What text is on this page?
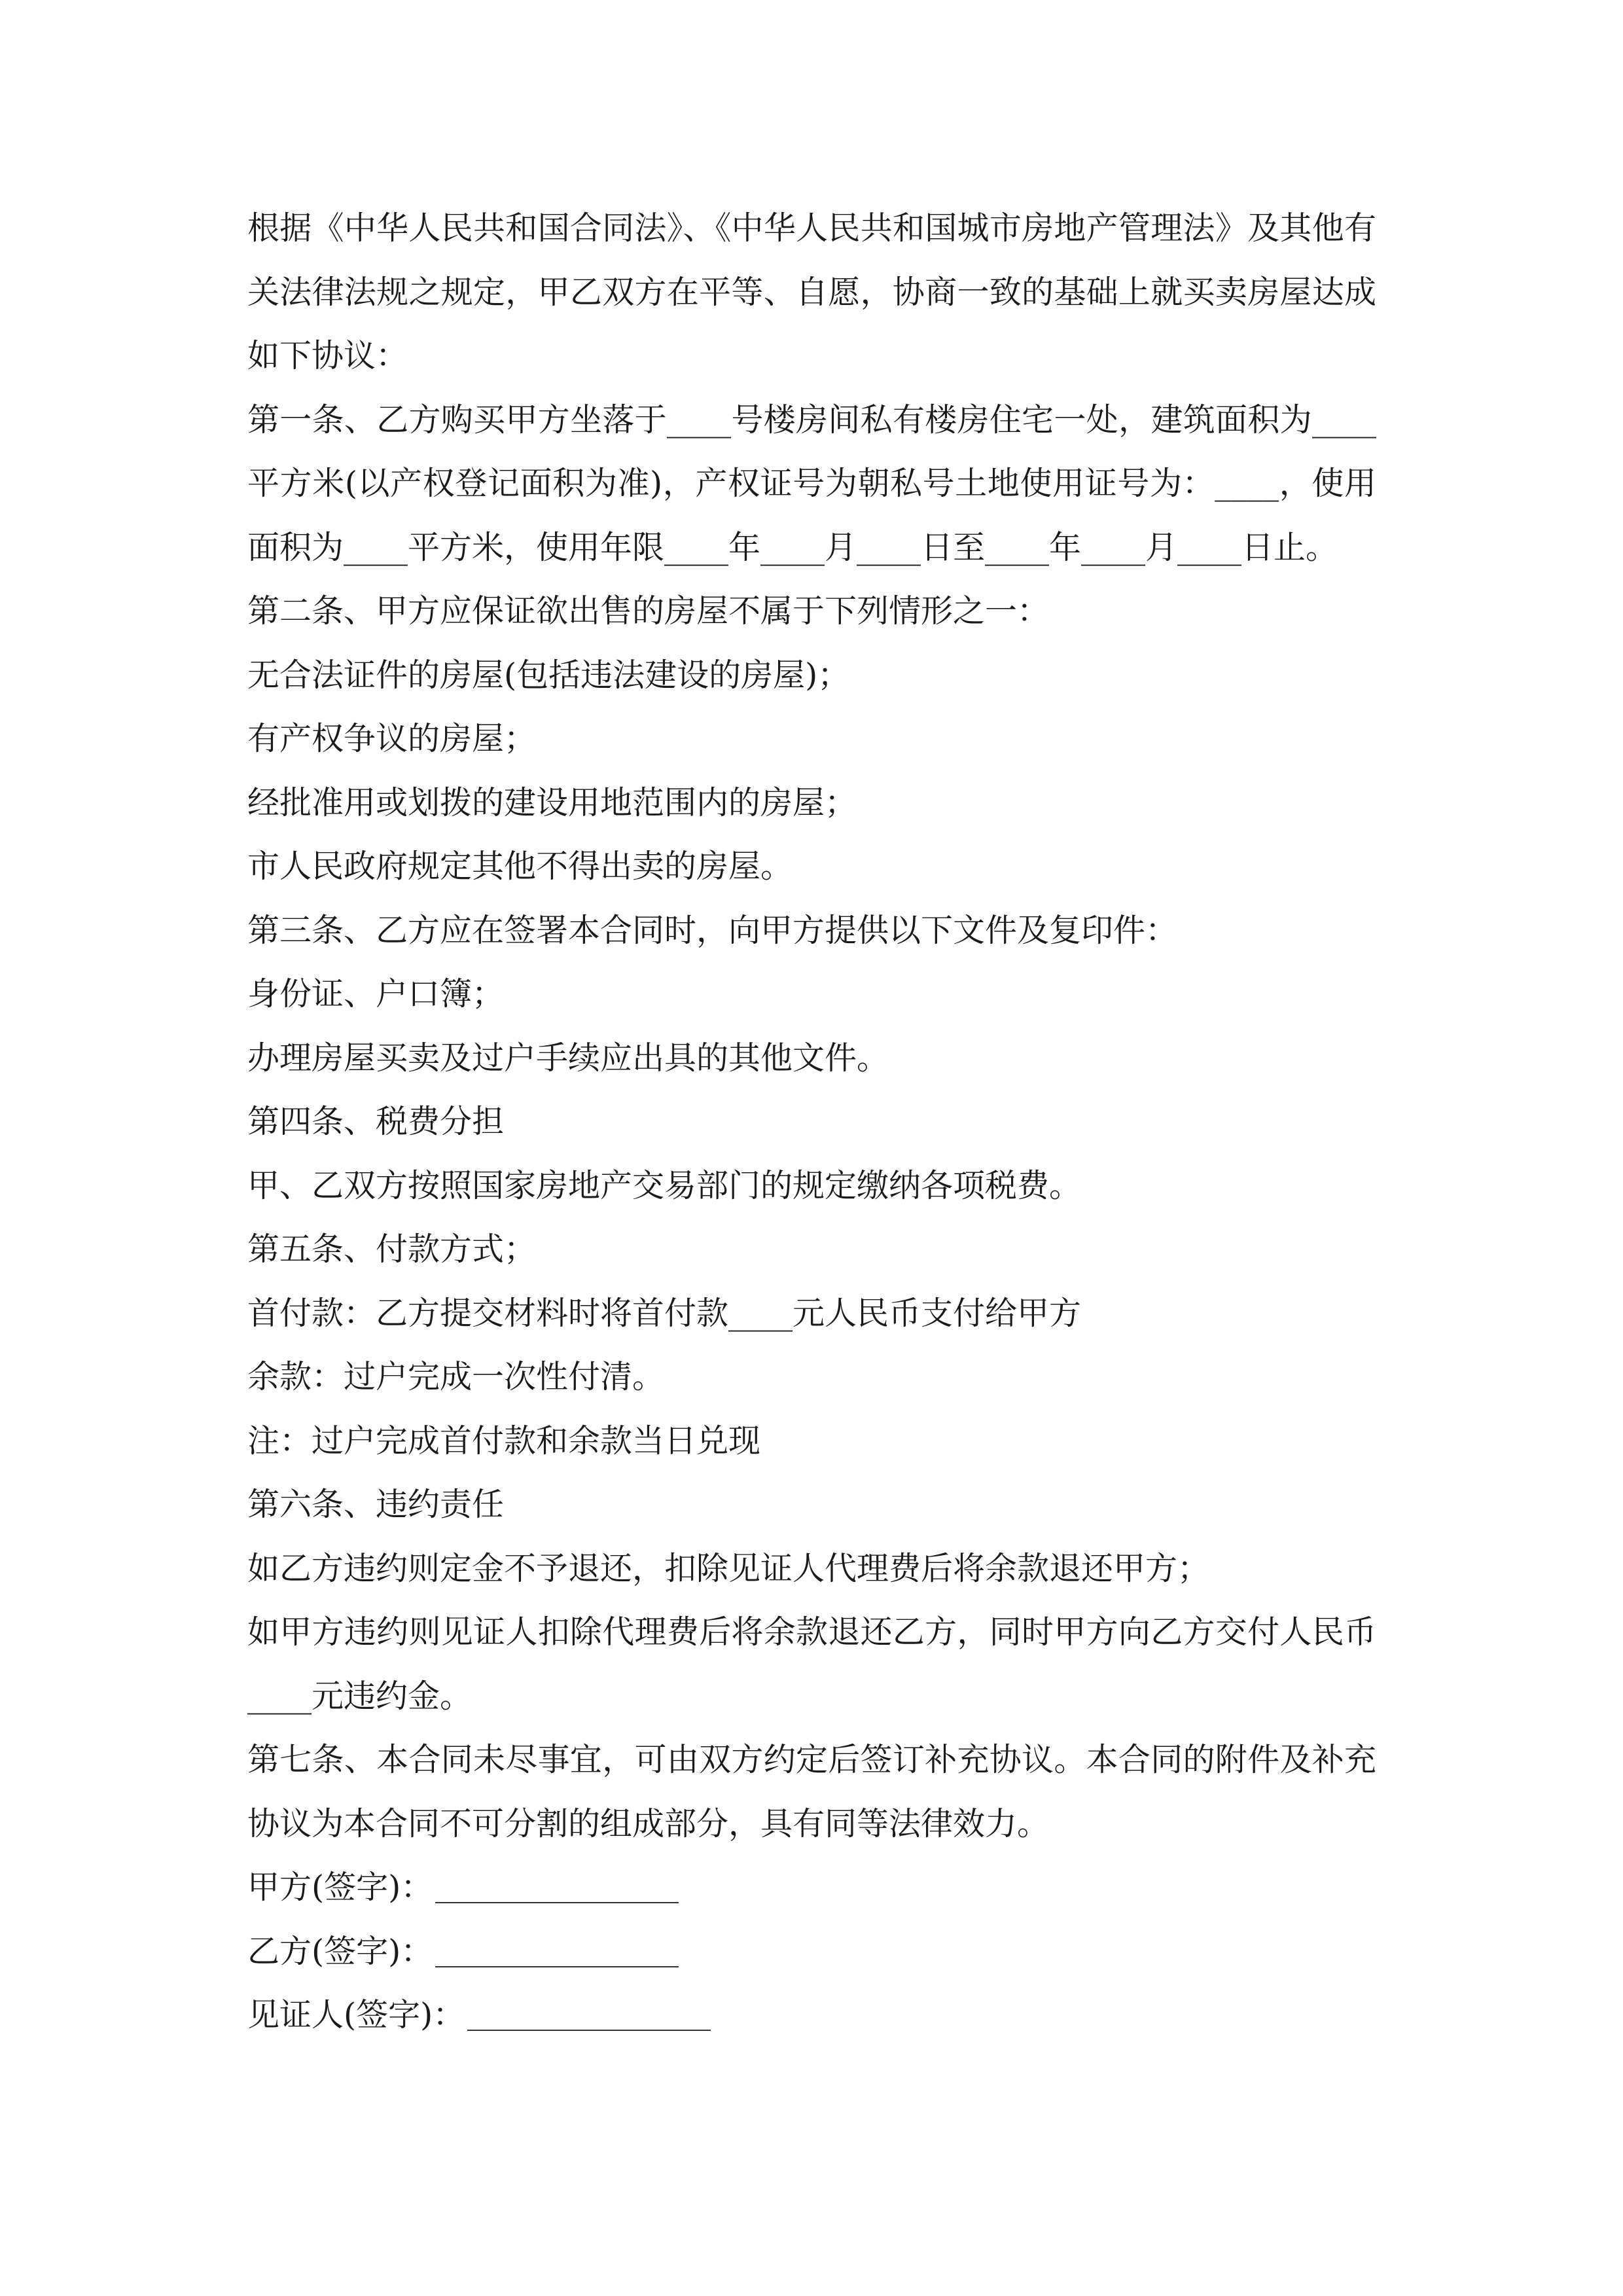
根据《中华人民共和国合同法》、《中华人民共和国城市房地产管理法》及其他有关法律法规之规定，甲乙双方在平等、自愿，协商一致的基础上就买卖房屋达成如下协议：

第一条、乙方购买甲方坐落于____号楼房间私有楼房住宅一处，建筑面积为____平方米(以产权登记面积为准)，产权证号为朝私号土地使用证号为：____，使用面积为____平方米，使用年限____年____月____日至____年____月____日止。

第二条、甲方应保证欲出售的房屋不属于下列情形之一：

无合法证件的房屋(包括违法建设的房屋)；

有产权争议的房屋；

经批准用或划拨的建设用地范围内的房屋；

市人民政府规定其他不得出卖的房屋。

第三条、乙方应在签署本合同时，向甲方提供以下文件及复印件：

身份证、户口簿；

办理房屋买卖及过户手续应出具的其他文件。

第四条、税费分担

甲、乙双方按照国家房地产交易部门的规定缴纳各项税费。

第五条、付款方式；

首付款：乙方提交材料时将首付款____元人民币支付给甲方

余款：过户完成一次性付清。

注：过户完成首付款和余款当日兑现

第六条、违约责任

如乙方违约则定金不予退还，扣除见证人代理费后将余款退还甲方；

如甲方违约则见证人扣除代理费后将余款退还乙方，同时甲方向乙方交付人民币____元违约金。

第七条、本合同未尽事宜，可由双方约定后签订补充协议。本合同的附件及补充协议为本合同不可分割的组成部分，具有同等法律效力。

甲方(签字)：
乙方(签字)：
见证人(签字)：
